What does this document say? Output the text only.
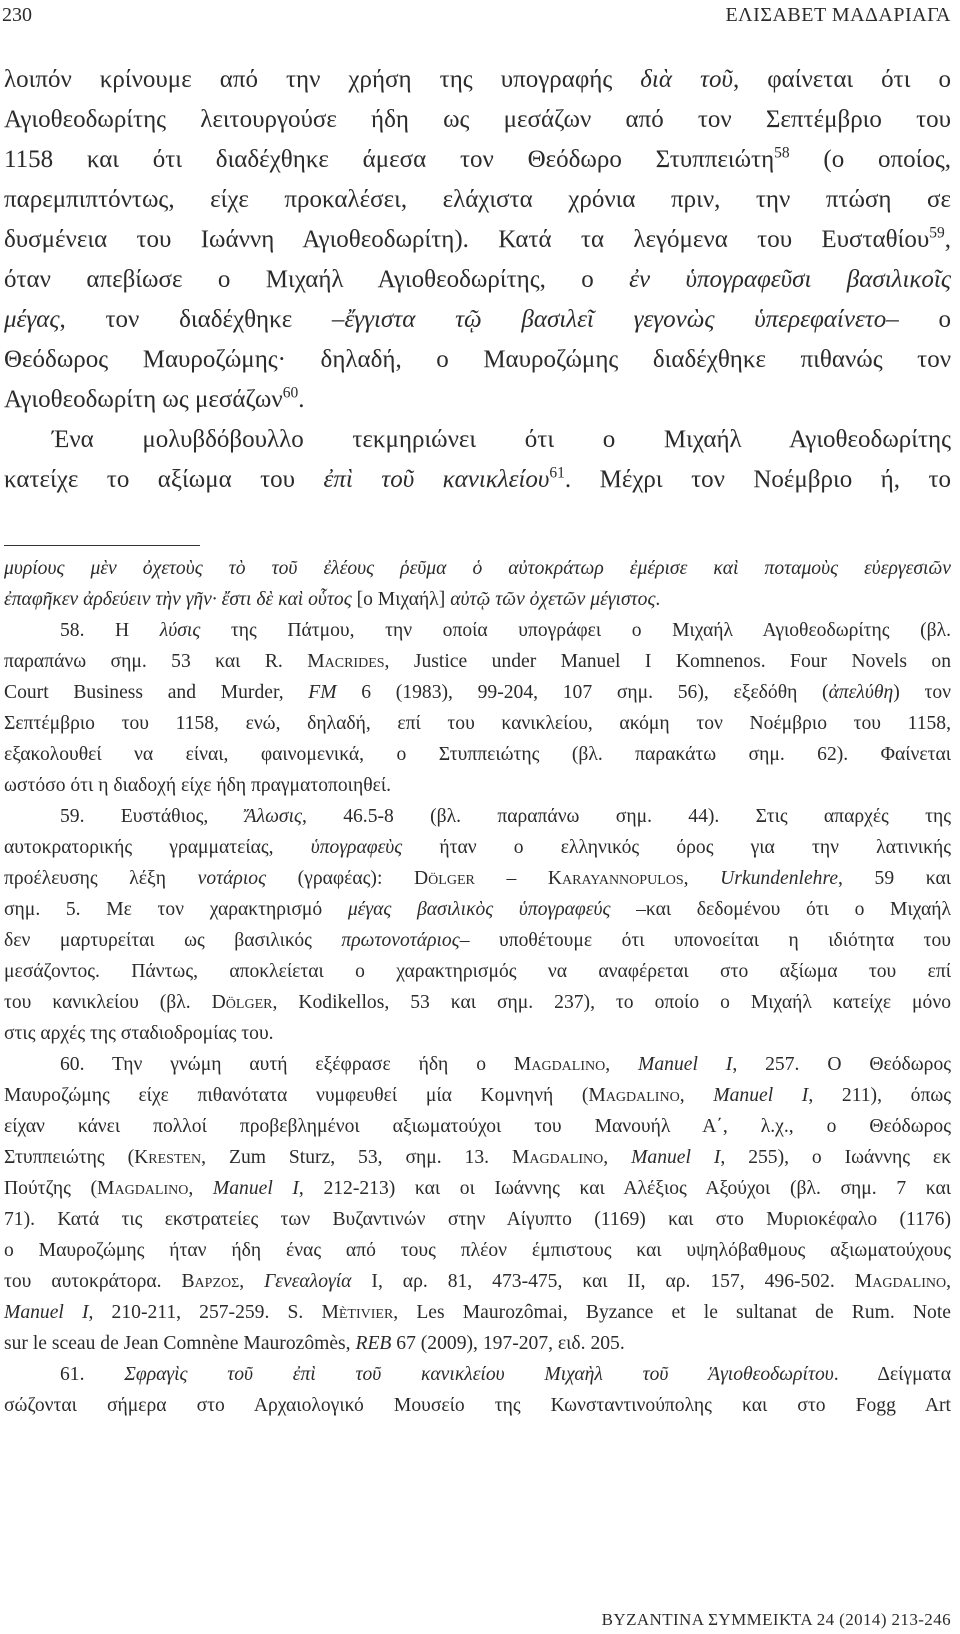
230	ΕΛΙΣΑΒΕΤ ΜΑΔΑΡΙΑΓΑ
λοιπόν κρίνουμε από την χρήση της υπογραφής διὰ τοῦ, φαίνεται ότι ο
Αγιοθεοδωρίτης λειτουργούσε ήδη ως μεσάζων από τον Σεπτέμβριο του
1158 και ότι διαδέχθηκε άμεσα τον Θεόδωρο Στυππειώτη$^{58}$ (ο οποίος,
παρεμπιπτόντως, είχε προκαλέσει, ελάχιστα χρόνια πριν, την πτώση σε
δυσμένεια του Ιωάννη Αγιοθεοδωρίτη). Κατά τα λεγόμενα του Ευσταθίου$^{59}$,
όταν απεβίωσε ο Μιχαήλ Αγιοθεοδωρίτης, ο ἐν ὑπογραφεῦσι βασιλικοῖς
μέγας, τον διαδέχθηκε –ἔγγιστα τῷ βασιλεῖ γεγονὼς ὑπερεφαίνετο– ο
Θεόδωρος Μαυροζώμης· δηλαδή, ο Μαυροζώμης διαδέχθηκε πιθανώς τον
Αγιοθεοδωρίτη ως μεσάζων$^{60}$.
Ένα μολυβδόβουλλο τεκμηριώνει ότι ο Μιχαήλ Αγιοθεοδωρίτης
κατείχε το αξίωμα του ἐπὶ τοῦ κανικλείου$^{61}$. Μέχρι τον Νοέμβριο ή, το
μυρίους μὲν ὀχετοὺς τὸ τοῦ ἐλέους ῥεῦμα ὁ αὐτοκράτωρ ἐμέρισε καὶ ποταμοὺς εὐεργεσιῶν
ἐπαφῆκεν ἀρδεύειν τὴν γῆν· ἔστι δὲ καὶ οὗτος [ο Μιχαήλ] αὐτῷ τῶν ὀχετῶν μέγιστος.
58. Η λύσις της Πάτμου, την οποία υπογράφει ο Μιχαήλ Αγιοθεοδωρίτης (βλ.
παραπάνω σημ. 53 και R. Macrides, Justice under Manuel I Komnenos. Four Novels on
Court Business and Murder, FM 6 (1983), 99-204, 107 σημ. 56), εξεδόθη (ἀπελύθη) τον
Σεπτέμβριο του 1158, ενώ, δηλαδή, επί του κανικλείου, ακόμη τον Νοέμβριο του 1158,
εξακολουθεί να είναι, φαινομενικά, ο Στυππειώτης (βλ. παρακάτω σημ. 62). Φαίνεται
ωστόσο ότι η διαδοχή είχε ήδη πραγματοποιηθεί.
59. Ευστάθιος, Ἄλωσις, 46.5-8 (βλ. παραπάνω σημ. 44). Στις απαρχές της
αυτοκρατορικής γραμματείας, ὑπογραφεὺς ήταν ο ελληνικός όρος για την λατινικής
προέλευσης λέξη νοτάριος (γραφέας): Dölger – Karayannopulos, Urkundenlehre, 59 και
σημ. 5. Με τον χαρακτηρισμό μέγας βασιλικὸς ὑπογραφεύς –και δεδομένου ότι ο Μιχαήλ
δεν μαρτυρείται ως βασιλικός πρωτονοτάριος– υποθέτουμε ότι υπονοείται η ιδιότητα του
μεσάζοντος. Πάντως, αποκλείεται ο χαρακτηρισμός να αναφέρεται στο αξίωμα του επί
του κανικλείου (βλ. Dölger, Kodikellos, 53 και σημ. 237), το οποίο ο Μιχαήλ κατείχε μόνο
στις αρχές της σταδιοδρομίας του.
60. Την γνώμη αυτή εξέφρασε ήδη ο Magdalino, Manuel I, 257. Ο Θεόδωρος
Μαυροζώμης είχε πιθανότατα νυμφευθεί μία Κομνηνή (Magdalino, Manuel I, 211), όπως
είχαν κάνει πολλοί προβεβλημένοι αξιωματούχοι του Μανουήλ Α΄, λ.χ., ο Θεόδωρος
Στυππειώτης (Kresten, Zum Sturz, 53, σημ. 13. Magdalino, Manuel I, 255), ο Ιωάννης εκ
Πούτζης (Magdalino, Manuel I, 212-213) και οι Ιωάννης και Αλέξιος Αξούχοι (βλ. σημ. 7 και
71). Κατά τις εκστρατείες των Βυζαντινών στην Αίγυπτο (1169) και στο Μυριοκέφαλο (1176)
ο Μαυροζώμης ήταν ήδη ένας από τους πλέον έμπιστους και υψηλόβαθμους αξιωματούχους
του αυτοκράτορα. Βαρζος, Γενεαλογία Ι, αρ. 81, 473-475, και ΙΙ, αρ. 157, 496-502. Magdalino,
Manuel I, 210-211, 257-259. S. Mètivier, Les Maurozômai, Byzance et le sultanat de Rum. Note
sur le sceau de Jean Comnène Maurozômès, REB 67 (2009), 197-207, ειδ. 205.
61. Σφραγὶς τοῦ ἐπὶ τοῦ κανικλείου Μιχαὴλ τοῦ Ἁγιοθεοδωρίτου. Δείγματα
σώζονται σήμερα στο Αρχαιολογικό Μουσείο της Κωνσταντινούπολης και στο Fogg Art
BYZANTINA ΣΥΜΜΕΙΚΤΑ 24 (2014) 213-246
